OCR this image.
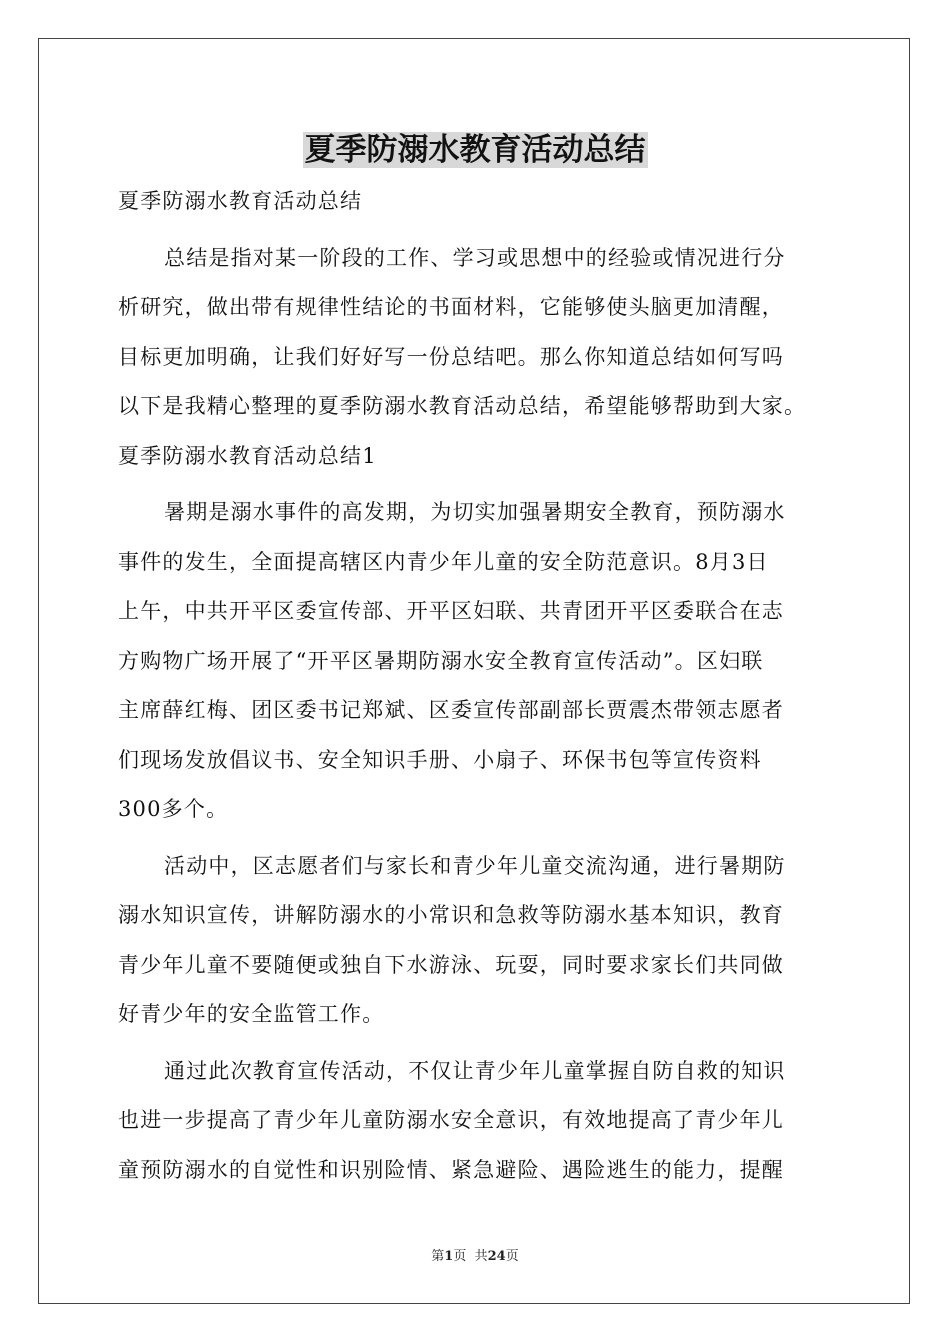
夏季防溺水教育活动总结
夏季防溺水教育活动总结
总结是指对某一阶段的工作、学习或思想中的经验或情况进行分
析研究，做出带有规律性结论的书面材料，它能够使头脑更加清醒，
目标更加明确，让我们好好写一份总结吧。那么你知道总结如何写吗
以下是我精心整理的夏季防溺水教育活动总结，希望能够帮助到大家。
夏季防溺水教育活动总结1
暑期是溺水事件的高发期，为切实加强暑期安全教育，预防溺水
事件的发生，全面提高辖区内青少年儿童的安全防范意识。8月3日
上午，中共开平区委宣传部、开平区妇联、共青团开平区委联合在志
方购物广场开展了“开平区暑期防溺水安全教育宣传活动”。区妇联
主席薛红梅、团区委书记郑斌、区委宣传部副部长贾震杰带领志愿者
们现场发放倡议书、安全知识手册、小扇子、环保书包等宣传资料
300多个。
活动中，区志愿者们与家长和青少年儿童交流沟通，进行暑期防
溺水知识宣传，讲解防溺水的小常识和急救等防溺水基本知识，教育
青少年儿童不要随便或独自下水游泳、玩耍，同时要求家长们共同做
好青少年的安全监管工作。
通过此次教育宣传活动，不仅让青少年儿童掌握自防自救的知识
也进一步提高了青少年儿童防溺水安全意识，有效地提高了青少年儿
童预防溺水的自觉性和识别险情、紧急避险、遇险逃生的能力，提醒
第1页  共24页
